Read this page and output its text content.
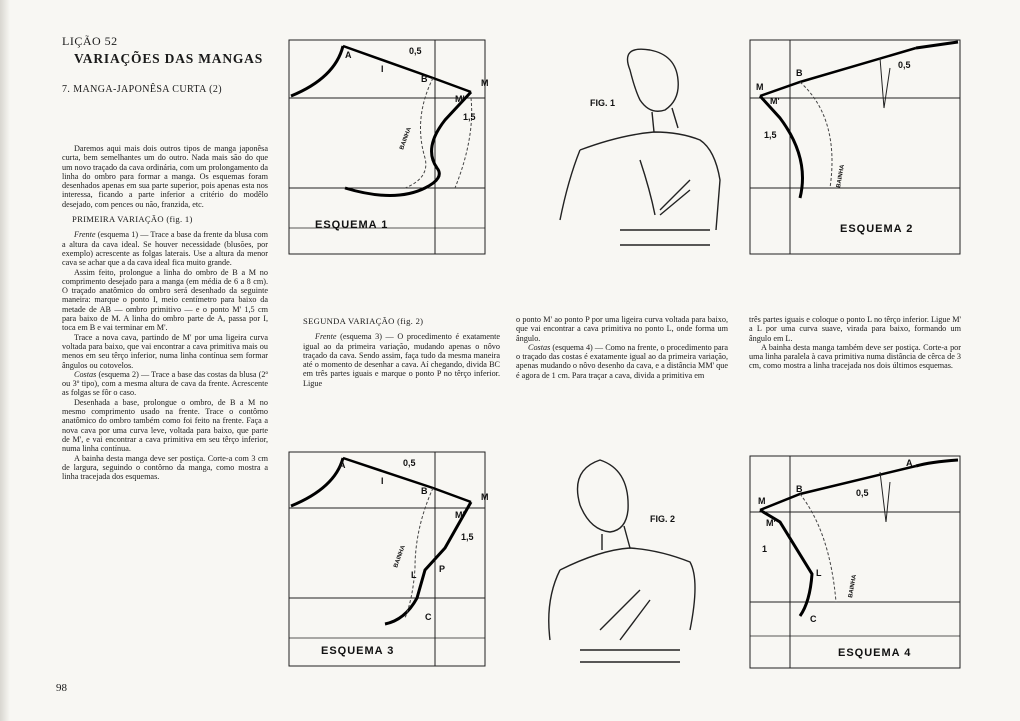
LIÇÃO 52
VARIAÇÕES DAS MANGAS
7. MANGA-JAPONÊSA CURTA (2)

Daremos aqui mais dois outros tipos de manga japonêsa curta, bem semelhantes um do outro. Nada mais são do que um novo traçado da cava ordinária, com um prolongamento da linha do ombro para formar a manga. Os esquemas foram desenhados apenas em sua parte superior, pois apenas esta nos interessa, ficando a parte inferior a critério do modêlo desejado, com pences ou não, franzida, etc.

PRIMEIRA VARIAÇÃO (fig. 1)

Frente (esquema 1) — Trace a base da frente da blusa com a altura da cava ideal. Se houver necessidade (blusões, por exemplo) acrescente as folgas laterais. Use a altura da menor cava se achar que a da cava ideal fica muito grande.

Assim feito, prolongue a linha do ombro de B a M no comprimento desejado para a manga (em média de 6 a 8 cm). O traçado anatômico do ombro será desenhado da seguinte maneira: marque o ponto I, meio centímetro para baixo da metade de AB — ombro primitivo — e o ponto M' 1,5 cm para baixo de M. A linha do ombro parte de A, passa por I, toca em B e vai terminar em M'.

Trace a nova cava, partindo de M' por uma ligeira curva voltada para baixo, que vai encontrar a cava primitiva mais ou menos em seu têrço inferior, numa linha contínua sem formar ângulos ou cotovelos.

Costas (esquema 2) — Trace a base das costas da blusa (2º ou 3º tipo), com a mesma altura de cava da frente. Acrescente as folgas se fôr o caso.

Desenhada a base, prolongue o ombro, de B a M no mesmo comprimento usado na frente. Trace o contôrno anatômico do ombro também como foi feito na frente. Faça a nova cava por uma curva leve, voltada para baixo, que parte de M', e vai encontrar a cava primitiva em seu têrço inferior, numa linha contínua.

A bainha desta manga deve ser postiça. Corte-a com 3 cm de largura, seguindo o contôrno da manga, como mostra a linha tracejada dos esquemas.

SEGUNDA VARIAÇÃO (fig. 2)

Frente (esquema 3) — O procedimento é exatamente igual ao da primeira variação, mudando apenas o nôvo traçado da cava. Sendo assim, faça tudo da mesma maneira até o momento de desenhar a cava. Aí chegando, divida BC em três partes iguais e marque o ponto P no têrço inferior. Ligue

o ponto M' ao ponto P por uma ligeira curva voltada para baixo, que vai encontrar a cava primitiva no ponto L, onde forma um ângulo.

Costas (esquema 4) — Como na frente, o procedimento para o traçado das costas é exatamente igual ao da primeira variação, apenas mudando o nôvo desenho da cava, e a distância MM' que é agora de 1 cm. Para traçar a cava, divida a primitiva em

três partes iguais e coloque o ponto L no têrço inferior. Ligue M' a L por uma curva suave, virada para baixo, formando um ângulo em L.

A bainha desta manga também deve ser postiça. Corte-a por uma linha paralela à cava primitiva numa distância de cêrca de 3 cm, como mostra a linha tracejada nos dois últimos esquemas.

98
A
I
B	M
M'
0,5
1,5
BAINHA
ESQUEMA 1
FIG. 1
M
B
M'
0,5
1,5
BAINHA
ESQUEMA 2
A
I
B
M
M'
0,5
1,5
L
P
C
BAINHA
ESQUEMA 3
FIG. 2
M
B
A
M'
0,5
1
L
C
BAINHA
ESQUEMA 4
